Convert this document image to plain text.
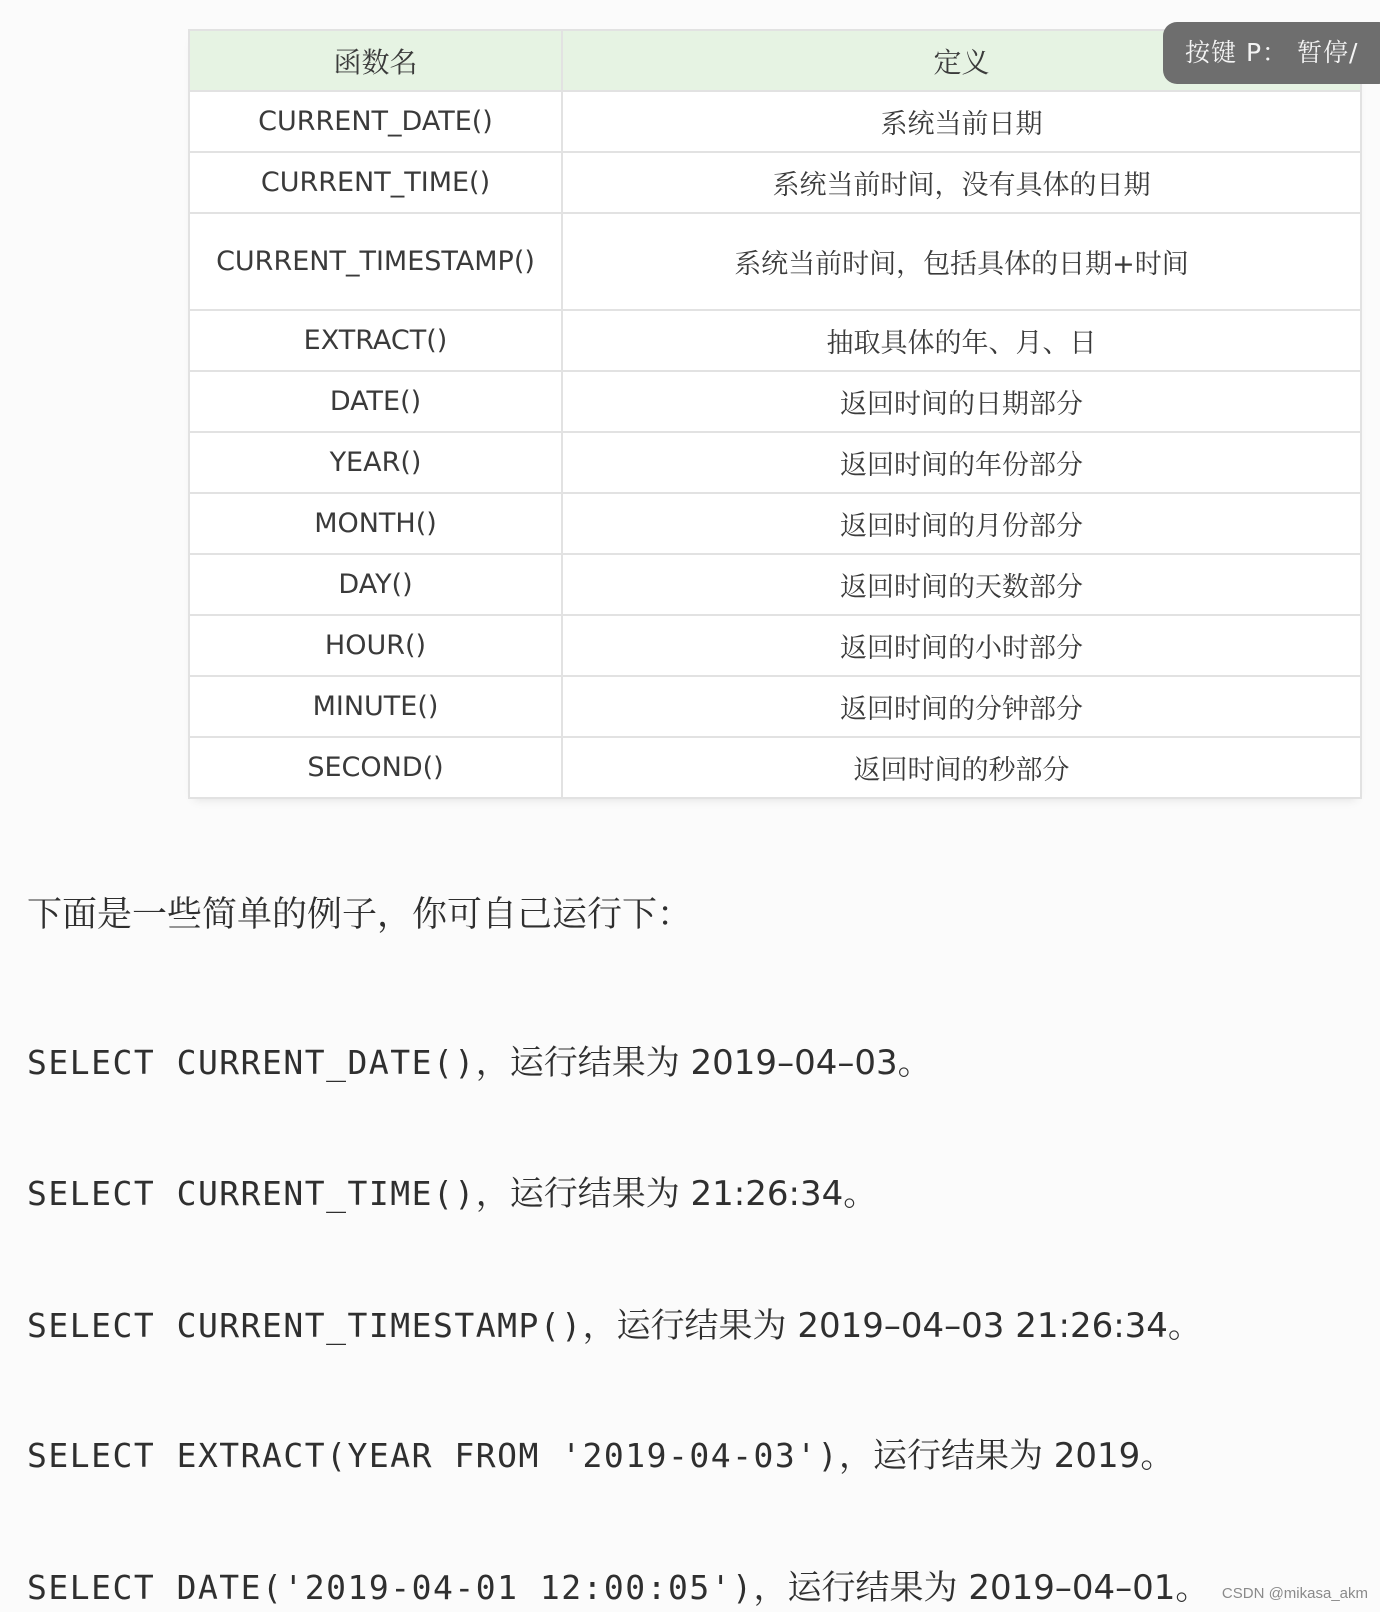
函数名	定义
CURRENT_DATE()	系统当前日期
CURRENT_TIME()	系统当前时间，没有具体的日期
CURRENT_TIMESTAMP()	系统当前时间，包括具体的日期+时间
EXTRACT()	抽取具体的年、月、日
DATE()	返回时间的日期部分
YEAR()	返回时间的年份部分
MONTH()	返回时间的月份部分
DAY()	返回时间的天数部分
HOUR()	返回时间的小时部分
MINUTE()	返回时间的分钟部分
SECOND()	返回时间的秒部分
按键 P： 暂停/

下面是一些简单的例子，你可自己运行下：

SELECT CURRENT_DATE()，运行结果为 2019–04–03。

SELECT CURRENT_TIME()，运行结果为 21:26:34。

SELECT CURRENT_TIMESTAMP()，运行结果为 2019–04–03 21:26:34。

SELECT EXTRACT(YEAR FROM '2019-04-03')，运行结果为 2019。

SELECT DATE('2019-04-01 12:00:05')，运行结果为 2019–04–01。 CSDN @mikasa_akm
